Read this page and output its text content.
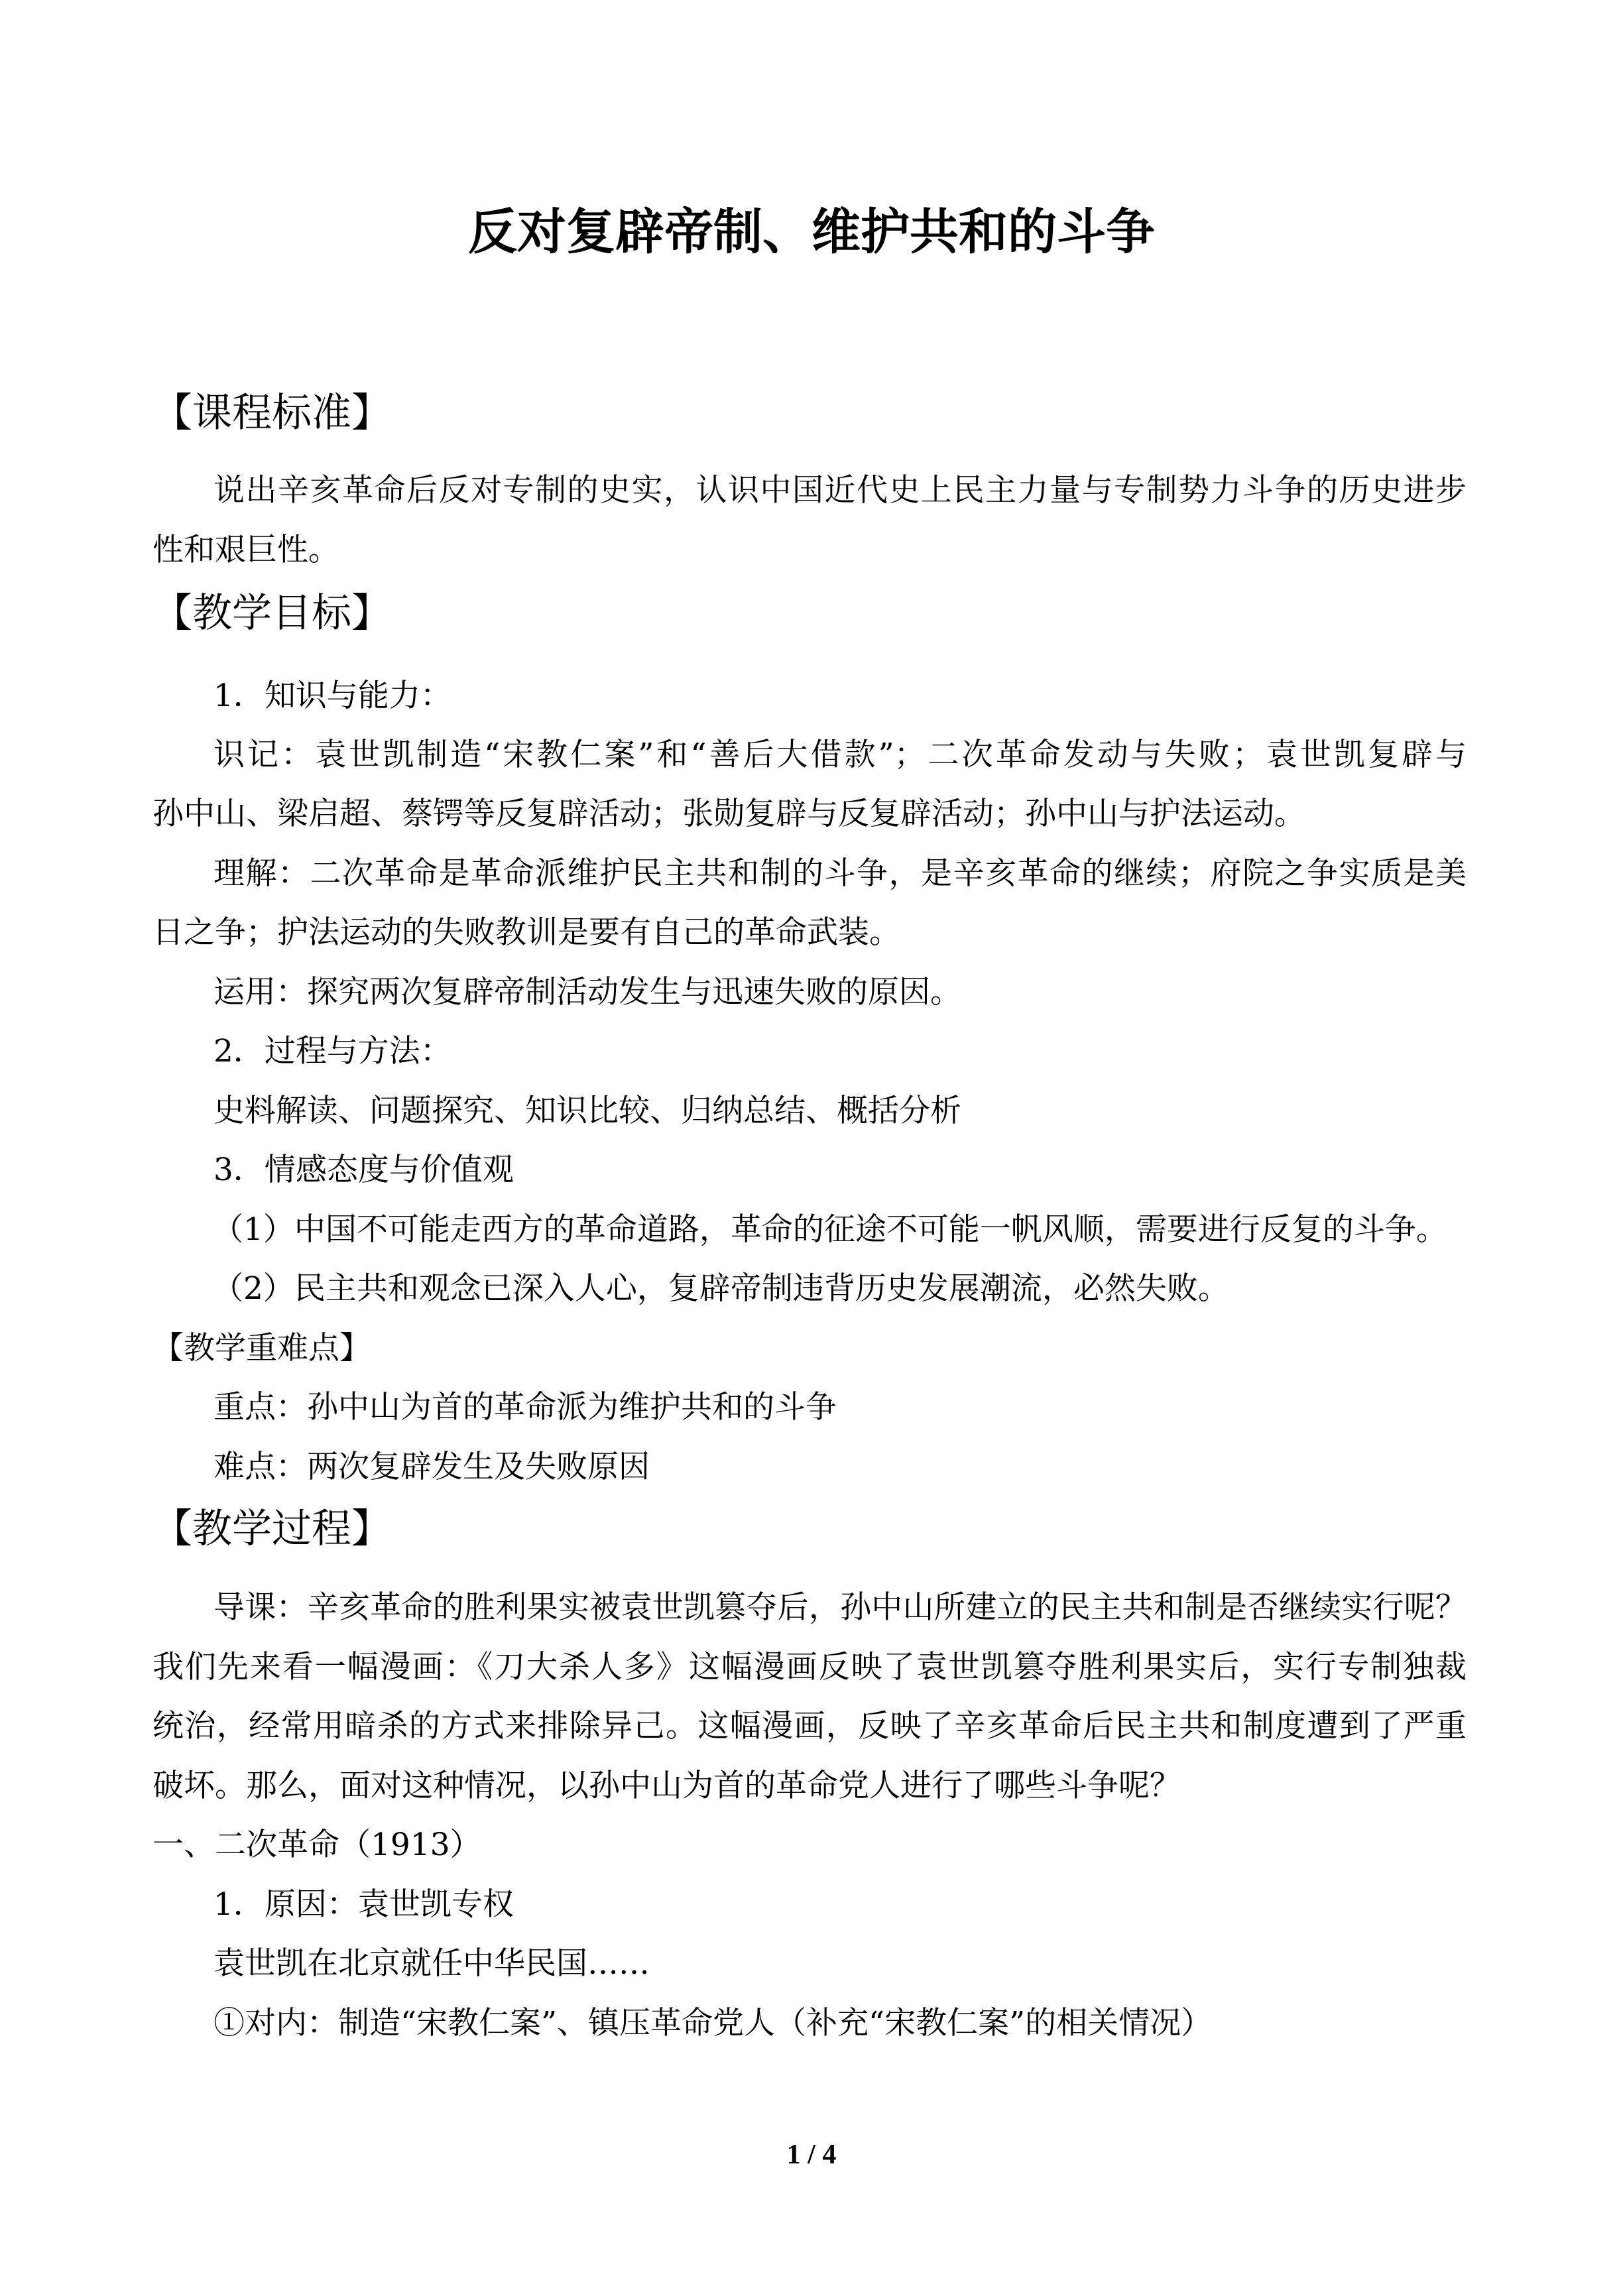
反对复辟帝制、维护共和的斗争
【课程标准】
说出辛亥革命后反对专制的史实，认识中国近代史上民主力量与专制势力斗争的历史进步
性和艰巨性。
【教学目标】
1．知识与能力：
识记：袁世凯制造“宋教仁案”和“善后大借款”；二次革命发动与失败；袁世凯复辟与
孙中山、梁启超、蔡锷等反复辟活动；张勋复辟与反复辟活动；孙中山与护法运动。
理解：二次革命是革命派维护民主共和制的斗争，是辛亥革命的继续；府院之争实质是美
日之争；护法运动的失败教训是要有自己的革命武装。
运用：探究两次复辟帝制活动发生与迅速失败的原因。
2．过程与方法：
史料解读、问题探究、知识比较、归纳总结、概括分析
3．情感态度与价值观
（1）中国不可能走西方的革命道路，革命的征途不可能一帆风顺，需要进行反复的斗争。
（2）民主共和观念已深入人心，复辟帝制违背历史发展潮流，必然失败。
【教学重难点】
重点：孙中山为首的革命派为维护共和的斗争
难点：两次复辟发生及失败原因
【教学过程】
导课：辛亥革命的胜利果实被袁世凯篡夺后，孙中山所建立的民主共和制是否继续实行呢？
我们先来看一幅漫画：《刀大杀人多》这幅漫画反映了袁世凯篡夺胜利果实后，实行专制独裁
统治，经常用暗杀的方式来排除异己。这幅漫画，反映了辛亥革命后民主共和制度遭到了严重
破坏。那么，面对这种情况，以孙中山为首的革命党人进行了哪些斗争呢？
一、二次革命（1913）
1．原因：袁世凯专权
袁世凯在北京就任中华民国……
①对内：制造“宋教仁案”、镇压革命党人（补充“宋教仁案”的相关情况）
1 / 4
